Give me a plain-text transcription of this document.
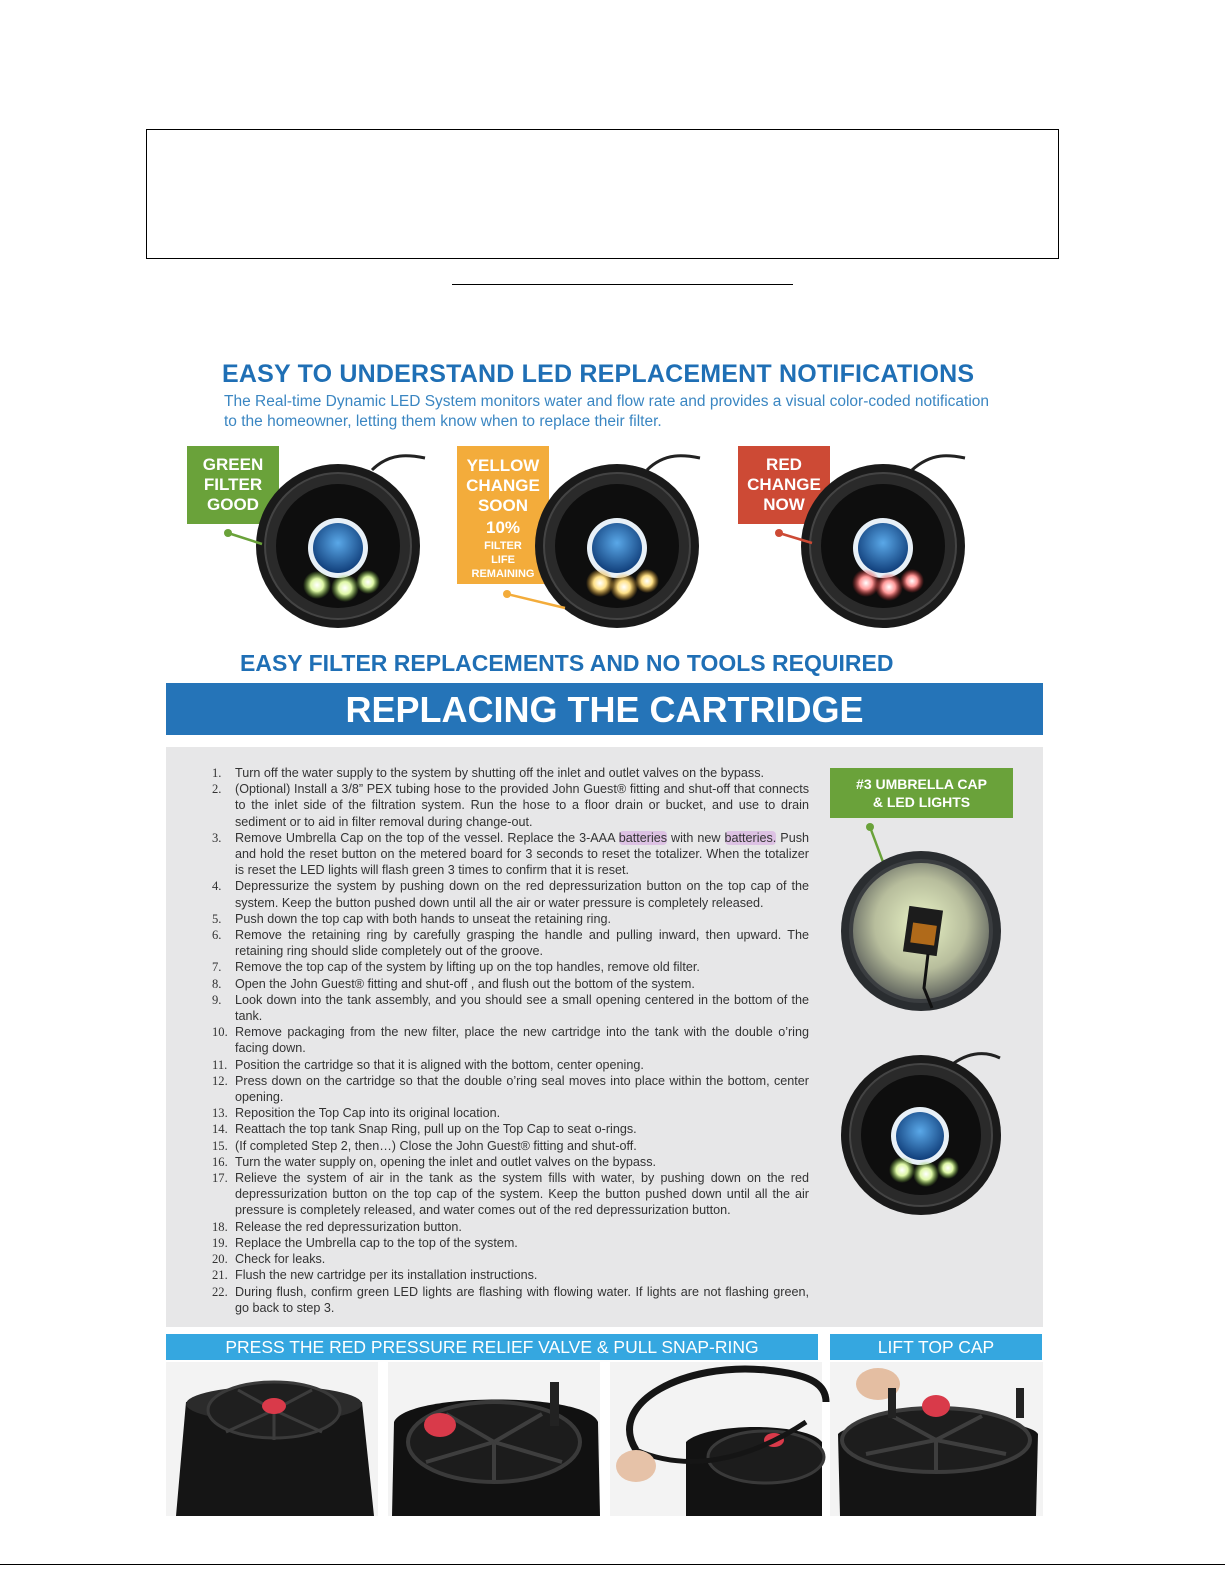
EASY TO UNDERSTAND LED REPLACEMENT NOTIFICATIONS
The Real-time Dynamic LED System monitors water and flow rate and provides a visual color-coded notification to the homeowner, letting them know when to replace their filter.
GREEN
FILTER
GOOD
YELLOW
CHANGE
SOON
10%
FILTER
LIFE
REMAINING
RED
CHANGE
NOW
EASY FILTER REPLACEMENTS AND NO TOOLS REQUIRED
REPLACING THE CARTRIDGE
1. Turn off the water supply to the system by shutting off the inlet and outlet valves on the bypass.
2. (Optional) Install a 3/8” PEX tubing hose to the provided John Guest® fitting and shut-off that connects to the inlet side of the filtration system. Run the hose to a floor drain or bucket, and use to drain sediment or to aid in filter removal during change-out.
3. Remove Umbrella Cap on the top of the vessel. Replace the 3-AAA batteries with new batteries. Push and hold the reset button on the metered board for 3 seconds to reset the totalizer. When the totalizer is reset the LED lights will flash green 3 times to confirm that it is reset.
4. Depressurize the system by pushing down on the red depressurization button on the top cap of the system. Keep the button pushed down until all the air or water pressure is completely released.
5. Push down the top cap with both hands to unseat the retaining ring.
6. Remove the retaining ring by carefully grasping the handle and pulling inward, then upward. The retaining ring should slide completely out of the groove.
7. Remove the top cap of the system by lifting up on the top handles, remove old filter.
8. Open the John Guest® fitting and shut-off , and flush out the bottom of the system.
9. Look down into the tank assembly, and you should see a small opening centered in the bottom of the tank.
10. Remove packaging from the new filter, place the new cartridge into the tank with the double o’ring facing down.
11. Position the cartridge so that it is aligned with the bottom, center opening.
12. Press down on the cartridge so that the double o’ring seal moves into place within the bottom, center opening.
13. Reposition the Top Cap into its original location.
14. Reattach the top tank Snap Ring, pull up on the Top Cap to seat o-rings.
15. (If completed Step 2, then…) Close the John Guest® fitting and shut-off.
16. Turn the water supply on, opening the inlet and outlet valves on the bypass.
17. Relieve the system of air in the tank as the system fills with water, by pushing down on the red depressurization button on the top cap of the system. Keep the button pushed down until all the air pressure is completely released, and water comes out of the red depressurization button.
18. Release the red depressurization button.
19. Replace the Umbrella cap to the top of the system.
20. Check for leaks.
21. Flush the new cartridge per its installation instructions.
22. During flush, confirm green LED lights are flashing with flowing water. If lights are not flashing green, go back to step 3.
#3 UMBRELLA CAP
& LED LIGHTS
PRESS THE RED PRESSURE RELIEF VALVE & PULL SNAP-RING	LIFT TOP CAP
